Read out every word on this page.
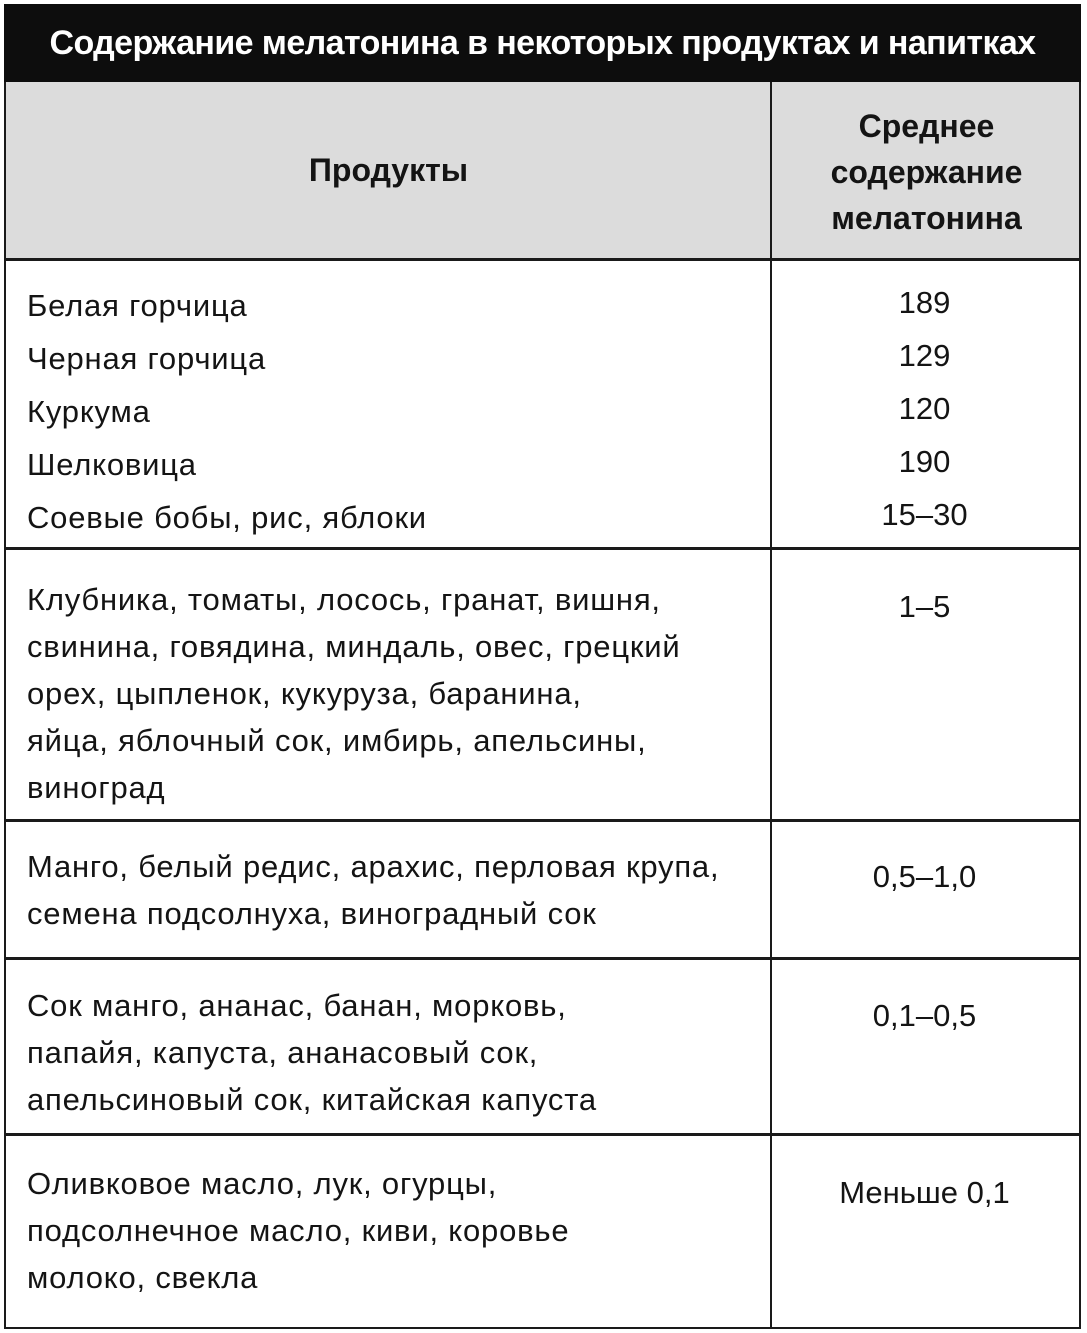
Содержание мелатонина в некоторых продуктах и напитках
Продукты
Среднее
содержание
мелатонина
Белая горчица
Черная горчица
Куркума
Шелковица
Соевые бобы, рис, яблоки
189
129
120
190
15–30
Клубника, томаты, лосось, гранат, вишня,
свинина, говядина, миндаль, овес, грецкий
орех, цыпленок, кукуруза, баранина,
яйца, яблочный сок, имбирь, апельсины,
виноград
1–5
Манго, белый редис, арахис, перловая крупа,
семена подсолнуха, виноградный сок
0,5–1,0
Сок манго, ананас, банан, морковь,
папайя, капуста, ананасовый сок,
апельсиновый сок, китайская капуста
0,1–0,5
Оливковое масло, лук, огурцы,
подсолнечное масло, киви, коровье
молоко, свекла
Меньше 0,1
